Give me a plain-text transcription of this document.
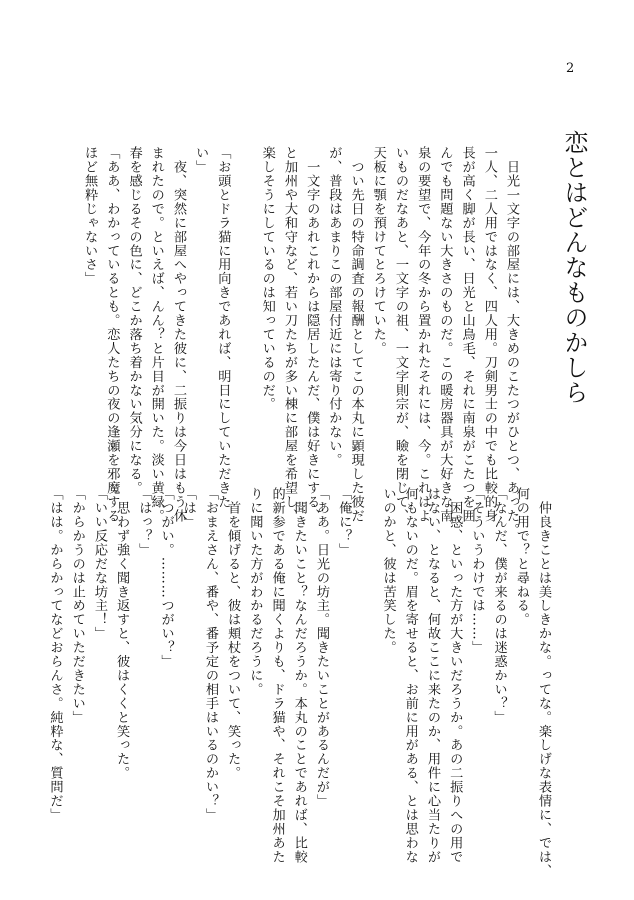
2
恋とはどんなものかしら
　日光一文字の部屋には、大きめのこたつがひとつ、あった。
一人、二人用ではなく、四人用。刀剣男士の中でも比較的身
長が高く脚が長い、日光と山鳥毛、それに南泉がこたつを囲
んでも問題ない大きさのものだ。この暖房器具が大好きな南
泉の要望で、今年の冬から置かれたそれには、今。これはよ
いものだなあと、一文字の祖、一文字則宗が、瞼を閉じて、
天板に顎を預けてとろけていた。
　つい先日の特命調査の報酬としてこの本丸に顕現した彼だ
が、普段はあまりこの部屋付近には寄り付かない。
　一文字のあれこれからは隠居したんだ、僕は好きにする、
と加州や大和守など、若い刀たちが多い棟に部屋を希望し、
楽しそうにしているのは知っているのだ。
「お頭とドラ猫に用向きであれば、明日にしていただきた
い」
　夜、突然に部屋へやってきた彼に、二振りは今日はもう休
まれたので。といえば、んん？と片目が開いた。淡い黄緑。
春を感じるその色に、どこか落ち着かない気分になる。
「ああ、わかっているとも。恋人たちの夜の逢瀬を邪魔する
ほど無粋じゃないさ」
　仲良きことは美しきかな。ってな。楽しげな表情に、では、
何の用で？と尋ねる。
「なんだ、僕が来るのは迷惑かい？」
「そういうわけでは……」
　困惑、といった方が大きいだろうか。あの二振りへの用で
はない、となると、何故ここに来たのか、用件に心当たりが
何もないのだ。眉を寄せると、お前に用がある、とは思わな
いのかと、彼は苦笑した。
「俺に？」
「ああ。日光の坊主。聞きたいことがあるんだが」
　聞きたいこと？なんだろうか。本丸のことであれば、比較
的新参である俺に聞くよりも、ドラ猫や、それこそ加州あた
りに聞いた方がわかるだろうに。
　首を傾げると、彼は頬杖をついて、笑った。
「おまえさん、番や、番予定の相手はいるのかい？」
「は」
「つがい。………つがい？」
「はっ？」
　思わず強く聞き返すと、彼はくくと笑った。
「いい反応だな坊主！」
「からかうのは止めていただきたい」
「はは。からかってなどおらんさ。純粋な、質問だ」
